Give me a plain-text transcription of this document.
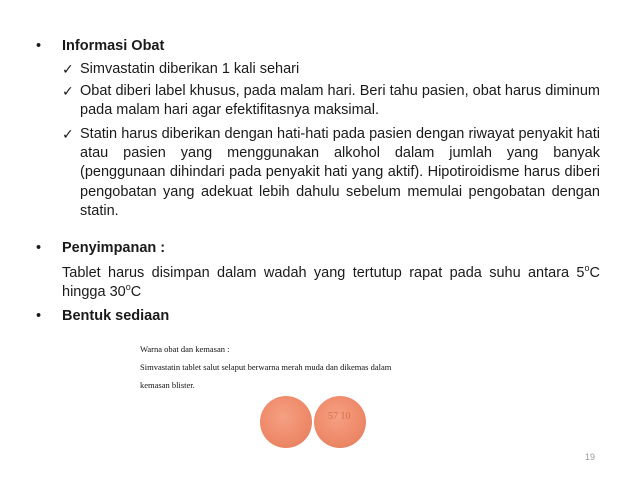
•	Informasi Obat
✓ Simvastatin diberikan 1 kali sehari
✓ Obat diberi label khusus, pada malam hari. Beri tahu pasien, obat harus diminum pada malam hari agar efektifitasnya maksimal.
✓ Statin harus diberikan dengan hati-hati pada pasien dengan riwayat penyakit hati atau pasien yang menggunakan alkohol dalam jumlah yang banyak (penggunaan dihindari pada penyakit hati yang aktif). Hipotiroidisme harus diberi pengobatan yang adekuat lebih dahulu sebelum memulai pengobatan dengan statin.
•	Penyimpanan :
Tablet harus disimpan dalam wadah yang tertutup rapat pada suhu antara 5$^o$C hingga 30$^o$C
•	Bentuk sediaan
Warna obat dan kemasan :
Simvastatin tablet salut selaput berwarna merah muda dan dikemas dalam
kemasan blister.
57 10
19
